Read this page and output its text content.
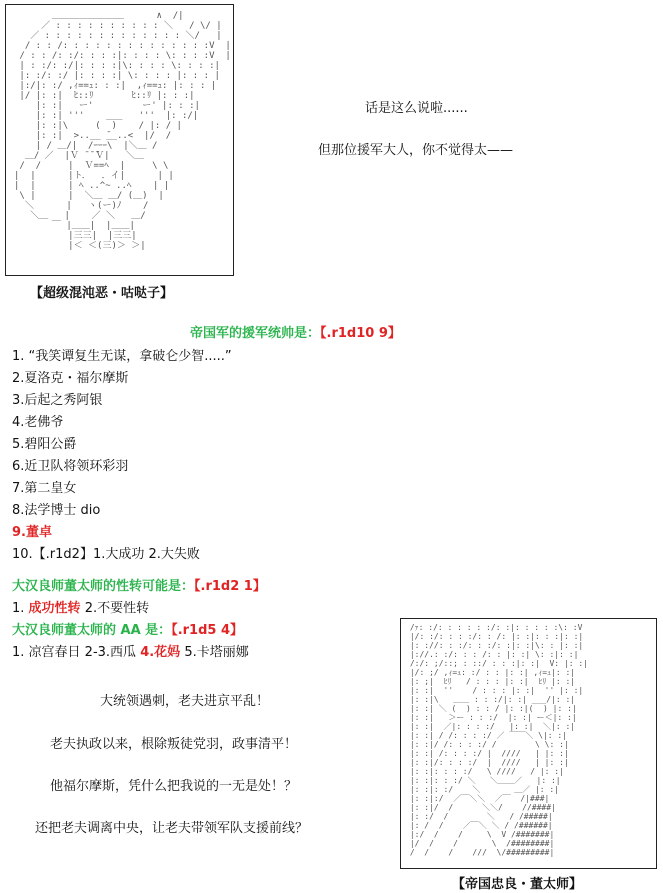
＿＿＿＿＿＿＿＿      ∧  /|
／ : : : : : : : : : : ＼   / \/ |
／ : : : : : : : : : : : : : ＼/   |
/ : : /: : : : : : : : : : : : : :V  |
/ : : /: :/: : : :|: : : : \: : : :V  |
| : :/: :/|: : : :|\: : : : \: : : :|
|: :/: :/ |: : : :| \: : : : |: : : |
|:/|: :/ ,ｨ==ｭ: : :|  ,ｨ==ｭ: |: : : |
|/ |: :|  ﾋ::ﾘ       ﾋ::ﾘ |: : :|
|: :|   ー'         ー' |: : :|
|: :| '''    ___   '''  |: :/|
|: :|\     (  )    / |: / |
|: :|  >..__ ̄__..<  |/  /
| / ＿/|  /ｰｰｰ\  |＼＿ /
＿/ ／  |Ｖ ̄ ̄ ̄Ｖ|   ＼＿
/  /     |  Ｖ==ﾍ  |     \ \
|  |      |ト．  ．イ|      | |
|  |      | ﾍ ..^~ ..ﾍ    | |
\ |      |  ＼＿ ＿/ (＿)  |
＼      |   ヽ(ー)ﾉ    /
＼＿   |    ／ ＼   ＿/
￣ |＿＿|  |＿＿|
|三三|  |三三|
|＜ ＜(三)＞ ＞|

【超级混沌恶・咕哒子】
话是这么说啦......
但那位援军大人，你不觉得太——
帝国军的援军统帅是：【.r1d10 9】
1. “我笑谭复生无谋，拿破仑少智.....”
2.夏洛克・福尔摩斯
3.后起之秀阿银
4.老佛爷
5.碧阳公爵
6.近卫队将领环彩羽
7.第二皇女
8.法学博士 dio
9.董卓
10.【.r1d2】1.大成功 2.大失败
大汉良师董太师的性转可能是：【.r1d2 1】
1. 成功性转 2.不要性转
大汉良师董太师的 AA 是：【.r1d5 4】
1. 凉宫春日 2-3.西瓜 4.花妈 5.卡塔丽娜
大统领遇刺，老夫进京平乱！
老夫执政以来，根除叛徒党羽，政事清平！
他福尔摩斯，凭什么把我说的一无是处！？
还把老夫调离中央，让老夫带领军队支援前线？
/ｧ: :/: : : : : :/: :|: : : : :\: :V
|/: :/: : : :/: : /: |: :|: : :|: :|
|: ://: : :/: : :/: :|: :|\: : |: :|
|://.: :/: : : /: : |: :| \: :|: :|
/:/: ;/::; : ::/ : : :|: :|  V: |: :|
|/: ;/ ,ｨ=ｭ: :/ : : |: :| ,ｨ=ｭ|: :|
|: ;|  ﾋﾘ   / : : : |: :|  ﾋﾘ |: :|
|: :|  ''    / : : : |: :|  '' |: :|
|: :|\   ＿＿ : : :/|: :| ___/|: :|
|: :| ＼ (  ) : : / |: :|(  ) |: :|
|: :|   ＞ー : : :/  |: :| ー＜|: :|
|: :|  ／|: : : :/   |: :|  ＼|: :|
|: :| / /: : : :/ ／ ￣￣＼ \|: :|
|: :|/ /: : : :/ /        \ \: :|
|: :| /: : : :/ |  ////   | |: :|
|: :|/: : : :/  |  ////   | |: :|
|: :|: : : :/   \ ////   / |: :|
|: :|: : :/ ＼   ＼＿＿／   |: :|
|: :|: :/    ＼       ＿／ |: :|
|: :|:/  ／￣＼＼  ／￣  /|###|
|: :|/  /      ＼＼/    //####|
|: :/  /        ＼   / /#####|
|: /  /    ／￣＼ ＼ / /######|
|:/  /    /     \  V /#######|
|/  /    /       \  /########|
/  /    /    ///  \/#########|

【帝国忠良・董太师】
